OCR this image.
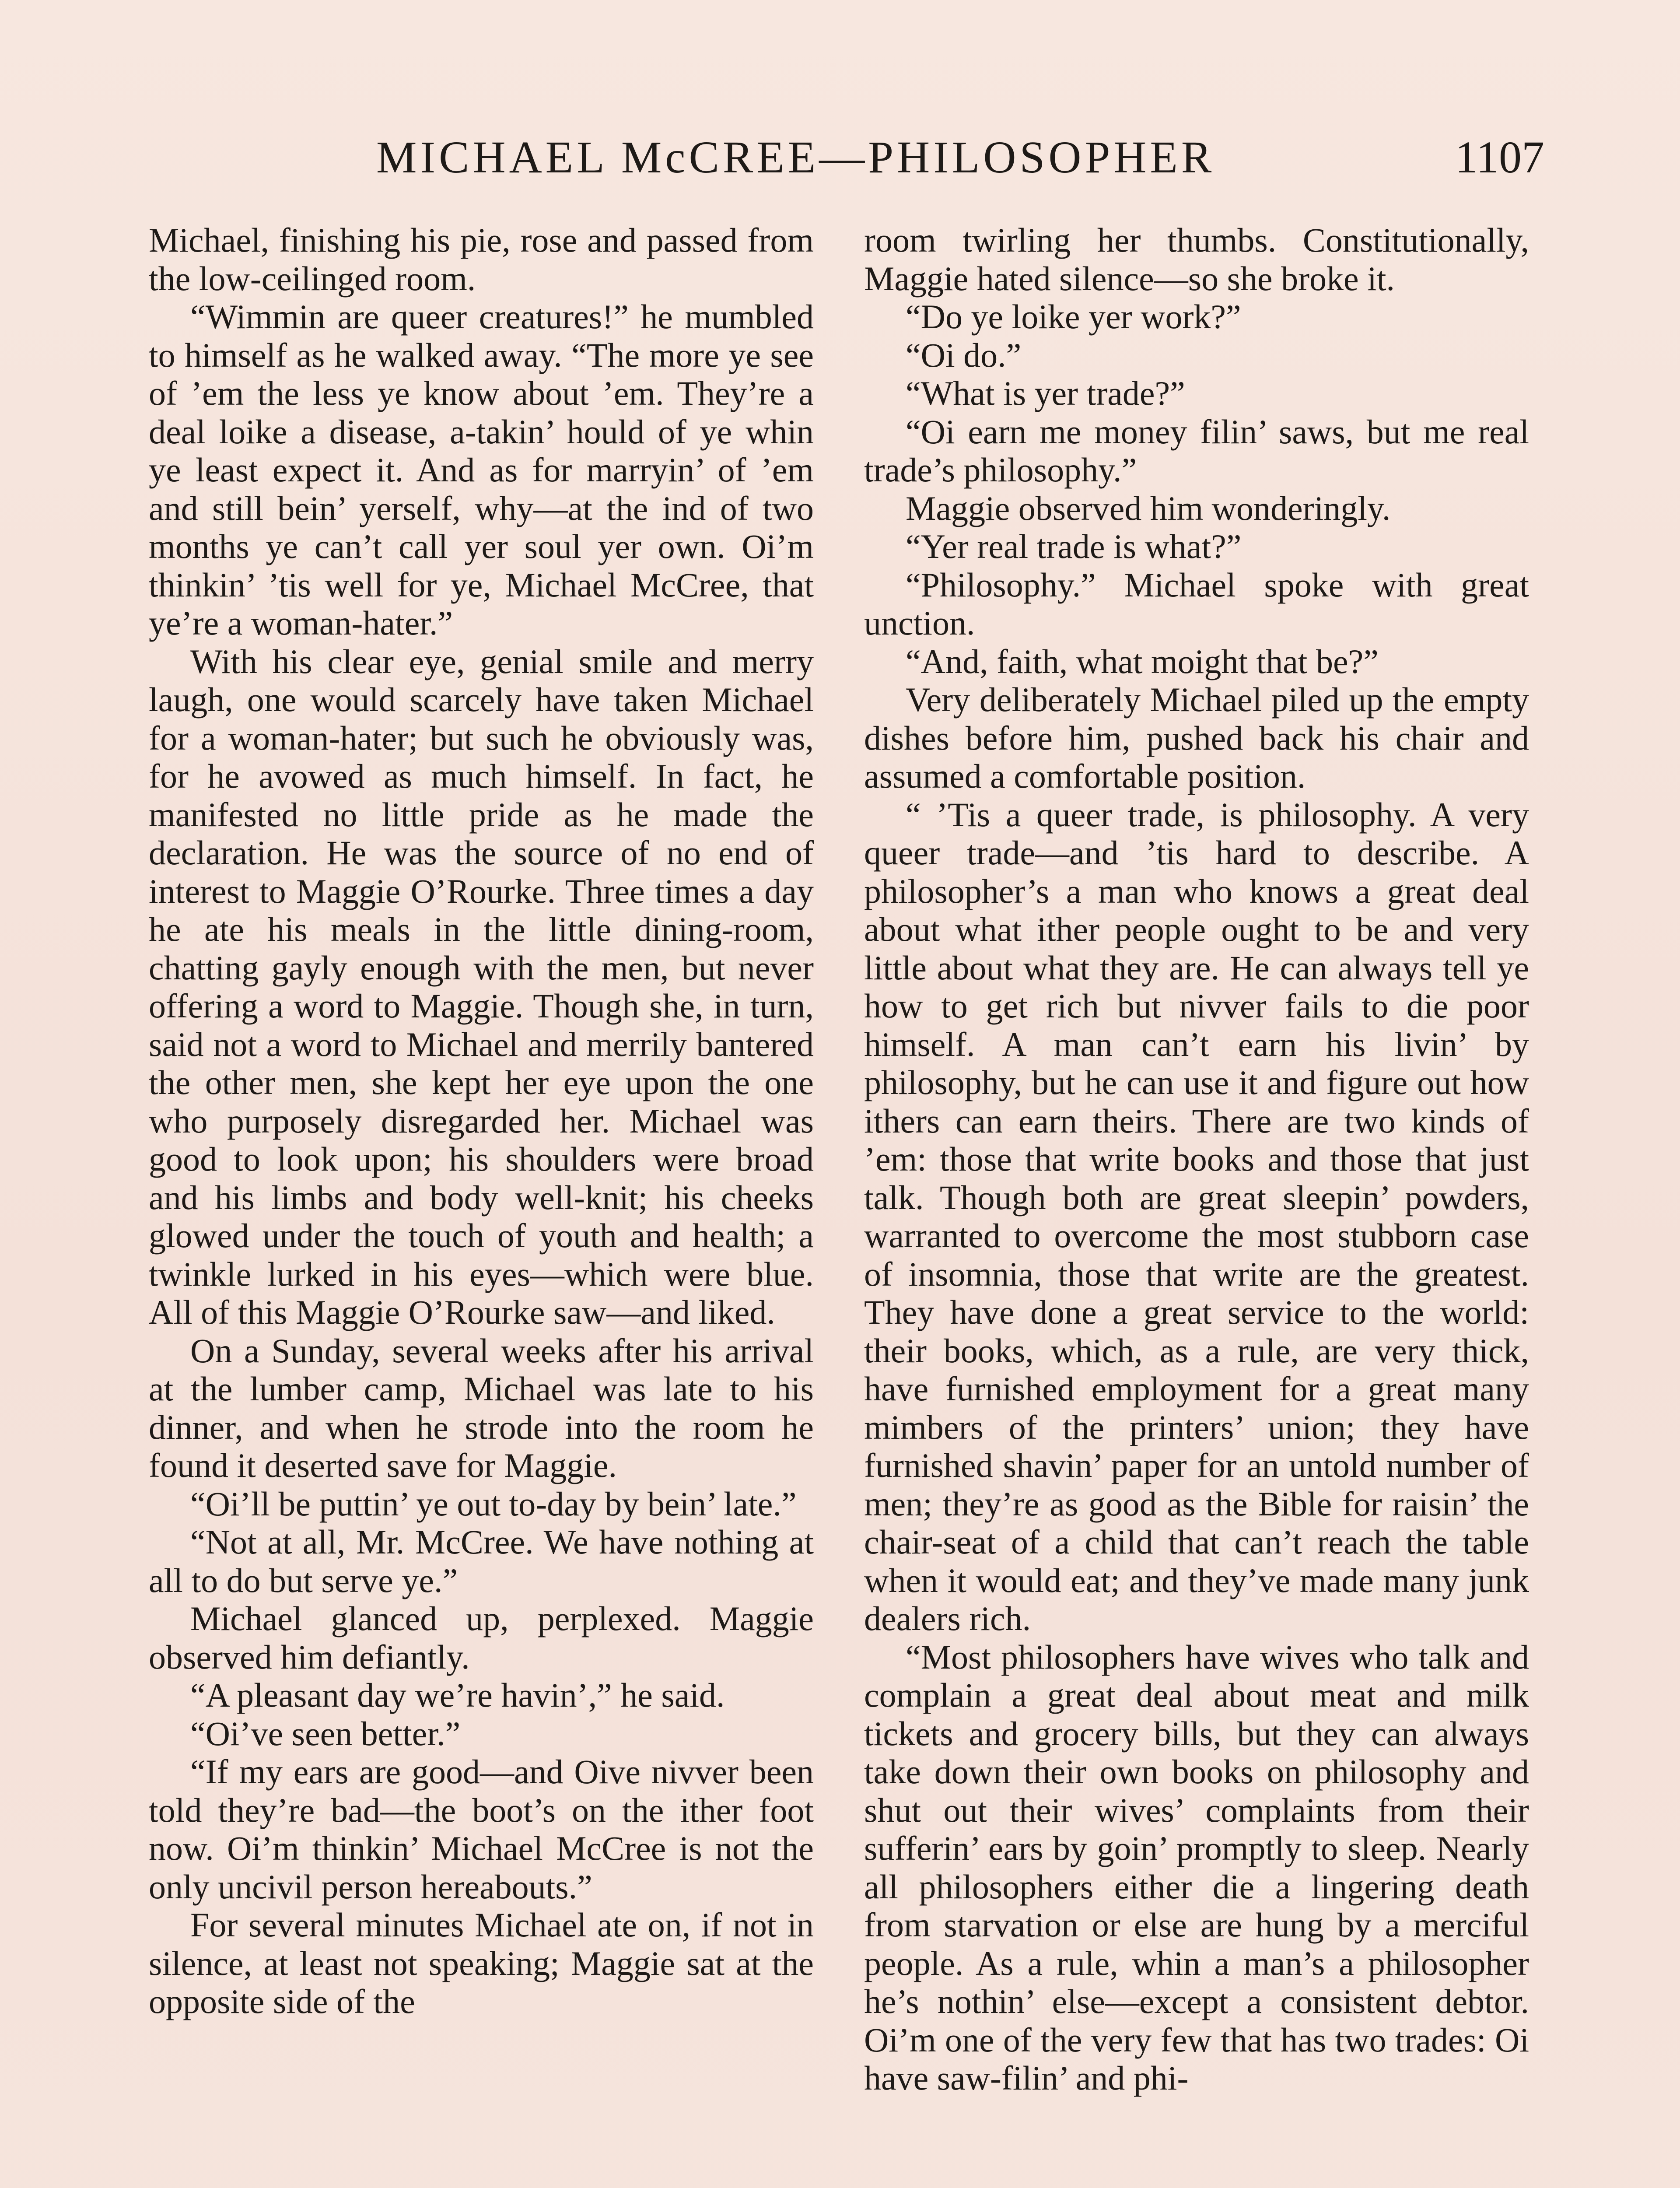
MICHAEL McCREE—PHILOSOPHER	1107

Michael, finishing his pie, rose and passed from the low-ceilinged room.

“Wimmin are queer creatures!” he mumbled to himself as he walked away. “The more ye see of ’em the less ye know about ’em. They’re a deal loike a disease, a-takin’ hould of ye whin ye least expect it. And as for marryin’ of ’em and still bein’ yerself, why—at the ind of two months ye can’t call yer soul yer own. Oi’m thinkin’ ’tis well for ye, Michael McCree, that ye’re a woman-hater.”

With his clear eye, genial smile and merry laugh, one would scarcely have taken Michael for a woman-hater; but such he obviously was, for he avowed as much himself. In fact, he manifested no little pride as he made the declaration. He was the source of no end of interest to Maggie O’Rourke. Three times a day he ate his meals in the little dining-room, chatting gayly enough with the men, but never offering a word to Maggie. Though she, in turn, said not a word to Michael and merrily bantered the other men, she kept her eye upon the one who purposely disregarded her. Michael was good to look upon; his shoulders were broad and his limbs and body well-knit; his cheeks glowed under the touch of youth and health; a twinkle lurked in his eyes—which were blue. All of this Maggie O’Rourke saw—and liked.

On a Sunday, several weeks after his arrival at the lumber camp, Michael was late to his dinner, and when he strode into the room he found it deserted save for Maggie.

“Oi’ll be puttin’ ye out to-day by bein’ late.”

“Not at all, Mr. McCree. We have nothing at all to do but serve ye.”

Michael glanced up, perplexed. Maggie observed him defiantly.

“A pleasant day we’re havin’,” he said.

“Oi’ve seen better.”

“If my ears are good—and Oive nivver been told they’re bad—the boot’s on the ither foot now. Oi’m thinkin’ Michael McCree is not the only uncivil person hereabouts.”

For several minutes Michael ate on, if not in silence, at least not speaking; Maggie sat at the opposite side of the

room twirling her thumbs. Constitutionally, Maggie hated silence—so she broke it.

“Do ye loike yer work?”

“Oi do.”

“What is yer trade?”

“Oi earn me money filin’ saws, but me real trade’s philosophy.”

Maggie observed him wonderingly.

“Yer real trade is what?”

“Philosophy.” Michael spoke with great unction.

“And, faith, what moight that be?”

Very deliberately Michael piled up the empty dishes before him, pushed back his chair and assumed a comfortable position.

“ ’Tis a queer trade, is philosophy. A very queer trade—and ’tis hard to describe. A philosopher’s a man who knows a great deal about what ither people ought to be and very little about what they are. He can always tell ye how to get rich but nivver fails to die poor himself. A man can’t earn his livin’ by philosophy, but he can use it and figure out how ithers can earn theirs. There are two kinds of ’em: those that write books and those that just talk. Though both are great sleepin’ powders, warranted to overcome the most stubborn case of insomnia, those that write are the greatest. They have done a great service to the world: their books, which, as a rule, are very thick, have furnished employment for a great many mimbers of the printers’ union; they have furnished shavin’ paper for an untold number of men; they’re as good as the Bible for raisin’ the chair-seat of a child that can’t reach the table when it would eat; and they’ve made many junk dealers rich.

“Most philosophers have wives who talk and complain a great deal about meat and milk tickets and grocery bills, but they can always take down their own books on philosophy and shut out their wives’ complaints from their sufferin’ ears by goin’ promptly to sleep. Nearly all philosophers either die a lingering death from starvation or else are hung by a merciful people. As a rule, whin a man’s a philosopher he’s nothin’ else—except a consistent debtor. Oi’m one of the very few that has two trades: Oi have saw-filin’ and phi-
